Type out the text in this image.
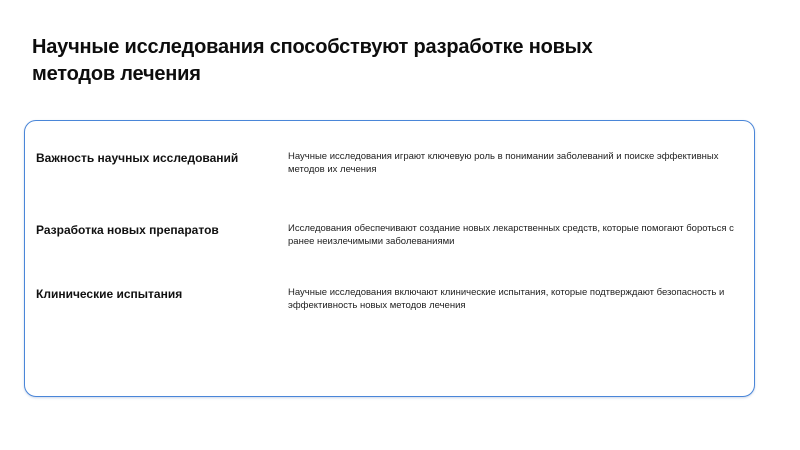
Научные исследования способствуют разработке новых методов лечения
Важность научных исследований	Научные исследования играют ключевую роль в понимании заболеваний и поиске эффективных методов их лечения
Разработка новых препаратов	Исследования обеспечивают создание новых лекарственных средств, которые помогают бороться с ранее неизлечимыми заболеваниями
Клинические испытания	Научные исследования включают клинические испытания, которые подтверждают безопасность и эффективность новых методов лечения
